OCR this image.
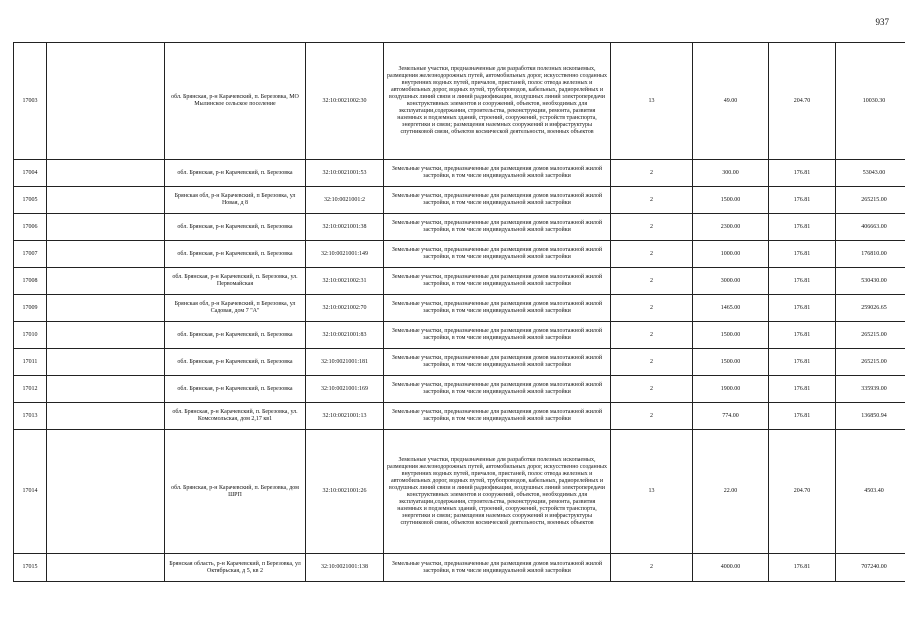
937
17003		обл. Брянская, р-н Карачевский, п. Березовка, МО Мылинское сельское поселение	32:10:0021002:30	Земельные участки, предназначенные для разработки полезных ископаемых, размещения железнодорожных путей, автомобильных дорог, искусственно созданных внутренних водных путей, причалов, пристаней, полос отвода железных и автомобильных дорог, водных путей, трубопроводов, кабельных, радиорелейных и воздушных линий связи и линий радиофикации, воздушных линий электропередачи конструктивных элементов и сооружений, объектов, необходимых для эксплуатации,содержания, строительства, реконструкции, ремонта, развития наземных и подземных зданий, строений, сооружений, устройств транспорта, энергетики и связи; размещения наземных сооружений и инфраструктуры спутниковой связи, объектов космической деятельности, военных объектов	13	49.00	204.70	10030.30
17004		обл. Брянская, р-н Карачевский, п. Березовка	32:10:0021001:53	Земельные участки, предназначенные для размещения домов малоэтажной жилой застройки, в том числе индивидуальной жилой застройки	2	300.00	176.81	53043.00
17005		Брянская обл, р-н Карачевский, п Березовка, ул Новая, д 8	32:10:0021001:2	Земельные участки, предназначенные для размещения домов малоэтажной жилой застройки, в том числе индивидуальной жилой застройки	2	1500.00	176.81	265215.00
17006		обл. Брянская, р-н Карачевский, п. Березовка	32:10:0021001:38	Земельные участки, предназначенные для размещения домов малоэтажной жилой застройки, в том числе индивидуальной жилой застройки	2	2300.00	176.81	406663.00
17007		обл. Брянская, р-н Карачевский, п. Березовка	32:10:0021001:149	Земельные участки, предназначенные для размещения домов малоэтажной жилой застройки, в том числе индивидуальной жилой застройки	2	1000.00	176.81	176810.00
17008		обл. Брянская, р-н Карачевский, п. Березовка, ул. Первомайская	32:10:0021002:31	Земельные участки, предназначенные для размещения домов малоэтажной жилой застройки, в том числе индивидуальной жилой застройки	2	3000.00	176.81	530430.00
17009		Брянская обл, р-н Карачевский, п Березовка, ул Садовая, дом 7 "А"	32:10:0021002:70	Земельные участки, предназначенные для размещения домов малоэтажной жилой застройки, в том числе индивидуальной жилой застройки	2	1465.00	176.81	259026.65
17010		обл. Брянская, р-н Карачевский, п. Березовка	32:10:0021001:83	Земельные участки, предназначенные для размещения домов малоэтажной жилой застройки, в том числе индивидуальной жилой застройки	2	1500.00	176.81	265215.00
17011		обл. Брянская, р-н Карачевский, п. Березовка	32:10:0021001:181	Земельные участки, предназначенные для размещения домов малоэтажной жилой застройки, в том числе индивидуальной жилой застройки	2	1500.00	176.81	265215.00
17012		обл. Брянская, р-н Карачевский, п. Березовка	32:10:0021001:169	Земельные участки, предназначенные для размещения домов малоэтажной жилой застройки, в том числе индивидуальной жилой застройки	2	1900.00	176.81	335939.00
17013		обл. Брянская, р-н Карачевский, п. Березовка, ул. Комсомольская, дом 2,17 кв1	32:10:0021001:13	Земельные участки, предназначенные для размещения домов малоэтажной жилой застройки, в том числе индивидуальной жилой застройки	2	774.00	176.81	136850.94
17014		обл. Брянская, р-н Карачевский, п. Березовка, дом ШРП	32:10:0021001:26	Земельные участки, предназначенные для разработки полезных ископаемых, размещения железнодорожных путей, автомобильных дорог, искусственно созданных внутренних водных путей, причалов, пристаней, полос отвода железных и автомобильных дорог, водных путей, трубопроводов, кабельных, радиорелейных и воздушных линий связи и линий радиофикации, воздушных линий электропередачи конструктивных элементов и сооружений, объектов, необходимых для эксплуатации,содержания, строительства, реконструкции, ремонта, развития наземных и подземных зданий, строений, сооружений, устройств транспорта, энергетики и связи; размещения наземных сооружений и инфраструктуры спутниковой связи, объектов космической деятельности, военных объектов	13	22.00	204.70	4503.40
17015		Брянская область, р-н Карачевский, п Березовка, ул Октябрьская, д 5, кв 2	32:10:0021001:138	Земельные участки, предназначенные для размещения домов малоэтажной жилой застройки, в том числе индивидуальной жилой застройки	2	4000.00	176.81	707240.00
